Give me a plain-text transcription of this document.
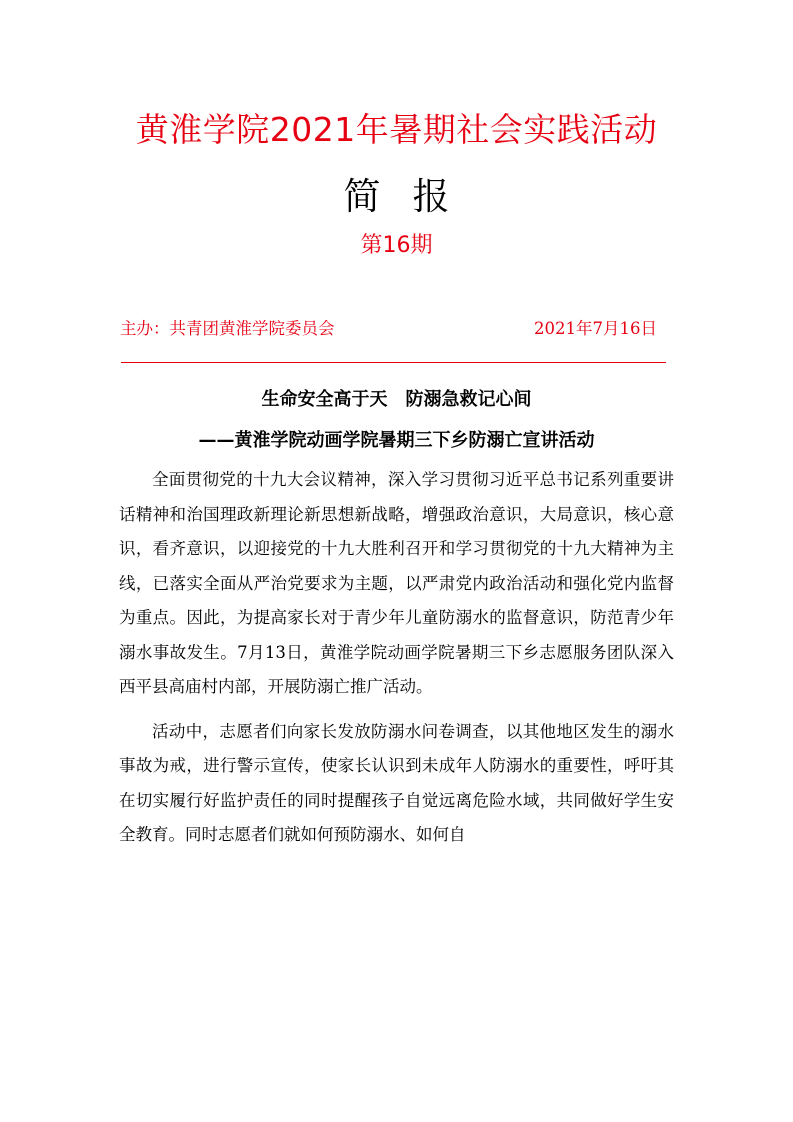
黄淮学院2021年暑期社会实践活动
简 报
第16期
主办：共青团黄淮学院委员会	2021年7月16日
生命安全高于天　防溺急救记心间
——黄淮学院动画学院暑期三下乡防溺亡宣讲活动

全面贯彻党的十九大会议精神，深入学习贯彻习近平总书记系列重要讲话精神和治国理政新理论新思想新战略，增强政治意识，大局意识，核心意识，看齐意识，以迎接党的十九大胜利召开和学习贯彻党的十九大精神为主线，已落实全面从严治党要求为主题，以严肃党内政治活动和强化党内监督为重点。因此，为提高家长对于青少年儿童防溺水的监督意识，防范青少年溺水事故发生。7月13日，黄淮学院动画学院暑期三下乡志愿服务团队深入西平县高庙村内部，开展防溺亡推广活动。

活动中，志愿者们向家长发放防溺水问卷调查，以其他地区发生的溺水事故为戒，进行警示宣传，使家长认识到未成年人防溺水的重要性，呼吁其在切实履行好监护责任的同时提醒孩子自觉远离危险水域，共同做好学生安全教育。同时志愿者们就如何预防溺水、如何自
